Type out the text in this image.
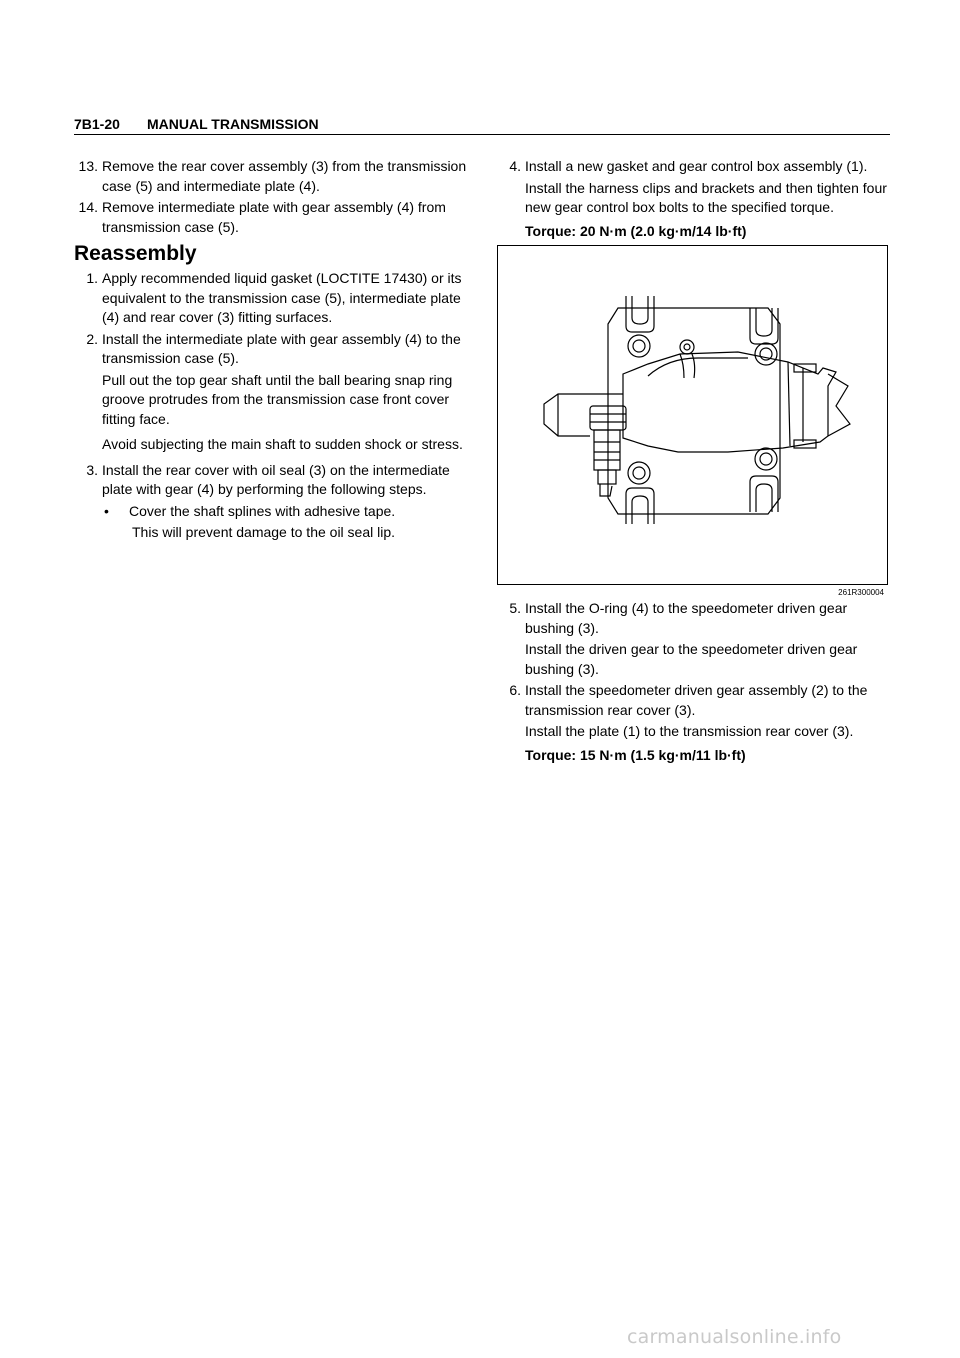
7B1-20 MANUAL TRANSMISSION
13. Remove the rear cover assembly (3) from the transmission case (5) and intermediate plate (4).
14. Remove intermediate plate with gear assembly (4) from transmission case (5).
Reassembly
1. Apply recommended liquid gasket (LOCTITE 17430) or its equivalent to the transmission case (5), intermediate plate (4) and rear cover (3) fitting surfaces.
2. Install the intermediate plate with gear assembly (4) to the transmission case (5).
Pull out the top gear shaft until the ball bearing snap ring groove protrudes from the transmission case front cover fitting face.
Avoid subjecting the main shaft to sudden shock or stress.
3. Install the rear cover with oil seal (3) on the intermediate plate with gear (4) by performing the following steps.
• Cover the shaft splines with adhesive tape.
This will prevent damage to the oil seal lip.
4. Install a new gasket and gear control box assembly (1).
Install the harness clips and brackets and then tighten four new gear control box bolts to the specified torque.
Torque: 20 N·m (2.0 kg·m/14 lb·ft)
261R300004
5. Install the O-ring (4) to the speedometer driven gear bushing (3).
Install the driven gear to the speedometer driven gear bushing (3).
6. Install the speedometer driven gear assembly (2) to the transmission rear cover (3).
Install the plate (1) to the transmission rear cover (3).
Torque: 15 N·m (1.5 kg·m/11 lb·ft)
carmanualsonline.info
